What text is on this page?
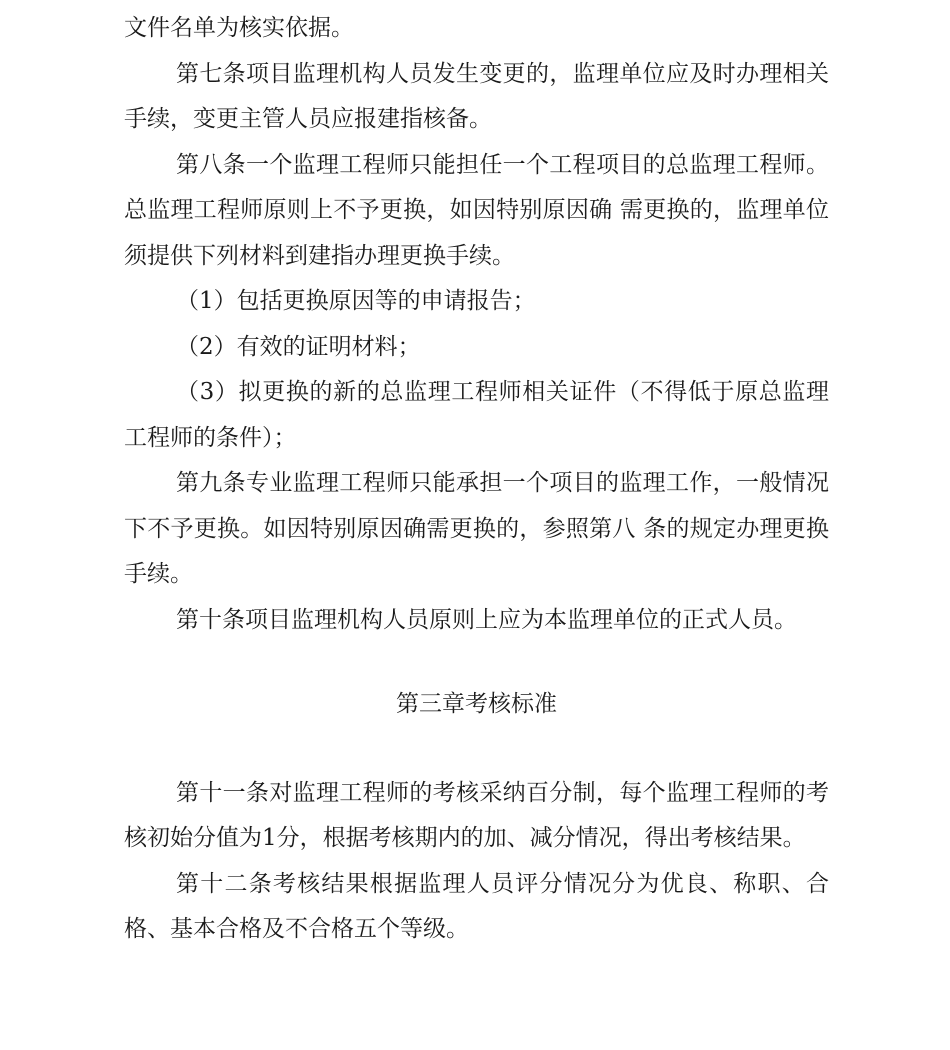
文件名单为核实依据。

第七条项目监理机构人员发生变更的，监理单位应及时办理相关手续，变更主管人员应报建指核备。

第八条一个监理工程师只能担任一个工程项目的总监理工程师。总监理工程师原则上不予更换，如因特别原因确 需更换的，监理单位须提供下列材料到建指办理更换手续。

（1）包括更换原因等的申请报告；

（2）有效的证明材料；

（3）拟更换的新的总监理工程师相关证件（不得低于原总监理工程师的条件）；

第九条专业监理工程师只能承担一个项目的监理工作，一般情况下不予更换。如因特别原因确需更换的，参照第八 条的规定办理更换手续。

第十条项目监理机构人员原则上应为本监理单位的正式人员。

第三章考核标准

第十一条对监理工程师的考核采纳百分制，每个监理工程师的考核初始分值为1分，根据考核期内的加、减分情况，得出考核结果。

第十二条考核结果根据监理人员评分情况分为优良、称职、合格、基本合格及不合格五个等级。
